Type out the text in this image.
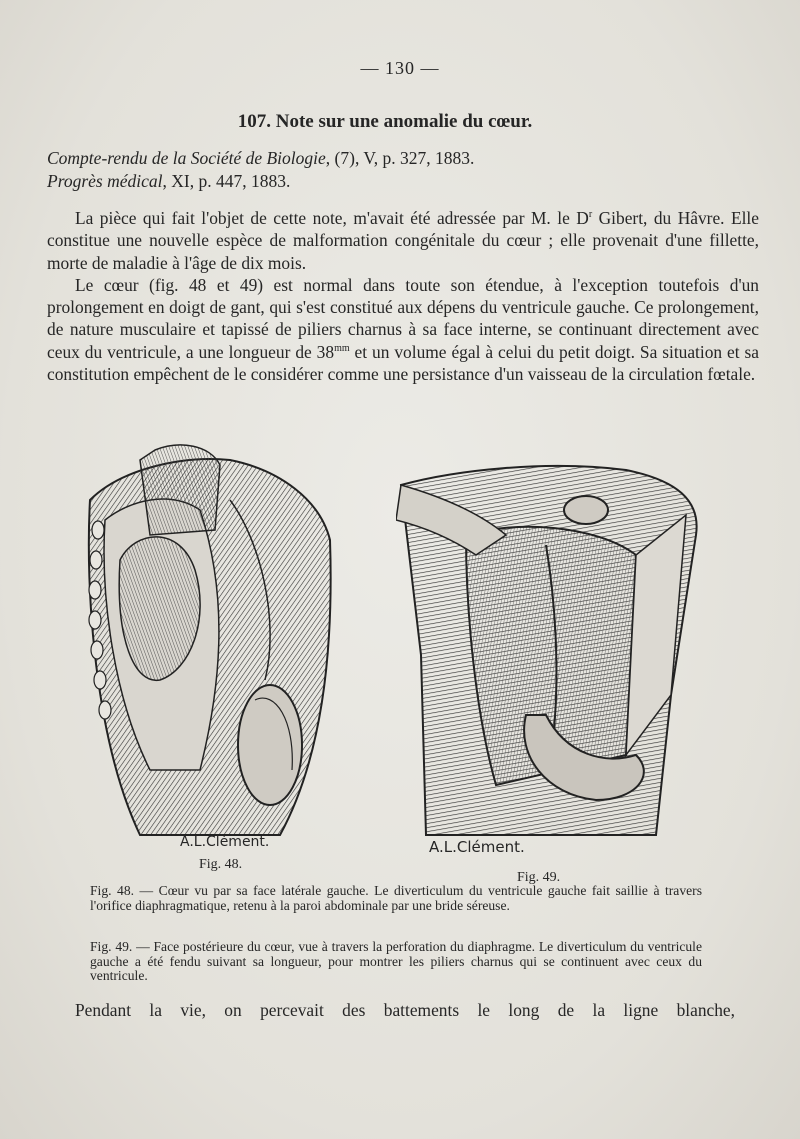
— 130 —
107. Note sur une anomalie du cœur.
Compte-rendu de la Société de Biologie, (7), V, p. 327, 1883.
Progrès médical, XI, p. 447, 1883.

La pièce qui fait l'objet de cette note, m'avait été adressée par M. le $D^r$ Gibert, du Hâvre. Elle constitue une nouvelle espèce de malformation congénitale du cœur ; elle provenait d'une fillette, morte de maladie à l'âge de dix mois.

Le cœur (fig. 48 et 49) est normal dans toute son étendue, à l'exception toutefois d'un prolongement en doigt de gant, qui s'est constitué aux dépens du ventricule gauche. Ce prolongement, de nature musculaire et tapissé de piliers charnus à sa face interne, se continuant directement avec ceux du ventricule, a une longueur de $38^{mm}$ et un volume égal à celui du petit doigt. Sa situation et sa constitution empêchent de le considérer comme une persistance d'un vaisseau de la circulation fœtale.

A.L.Clément.
Fig. 48.
A.L.Clément.
Fig. 49.

Fig. 48. — Cœur vu par sa face latérale gauche. Le diverticulum du ventricule gauche fait saillie à travers l'orifice diaphragmatique, retenu à la paroi abdominale par une bride séreuse.

Fig. 49. — Face postérieure du cœur, vue à travers la perforation du diaphragme. Le diverticulum du ventricule gauche a été fendu suivant sa longueur, pour montrer les piliers charnus qui se continuent avec ceux du ventricule.

Pendant la vie, on percevait des battements le long de la ligne blanche,
